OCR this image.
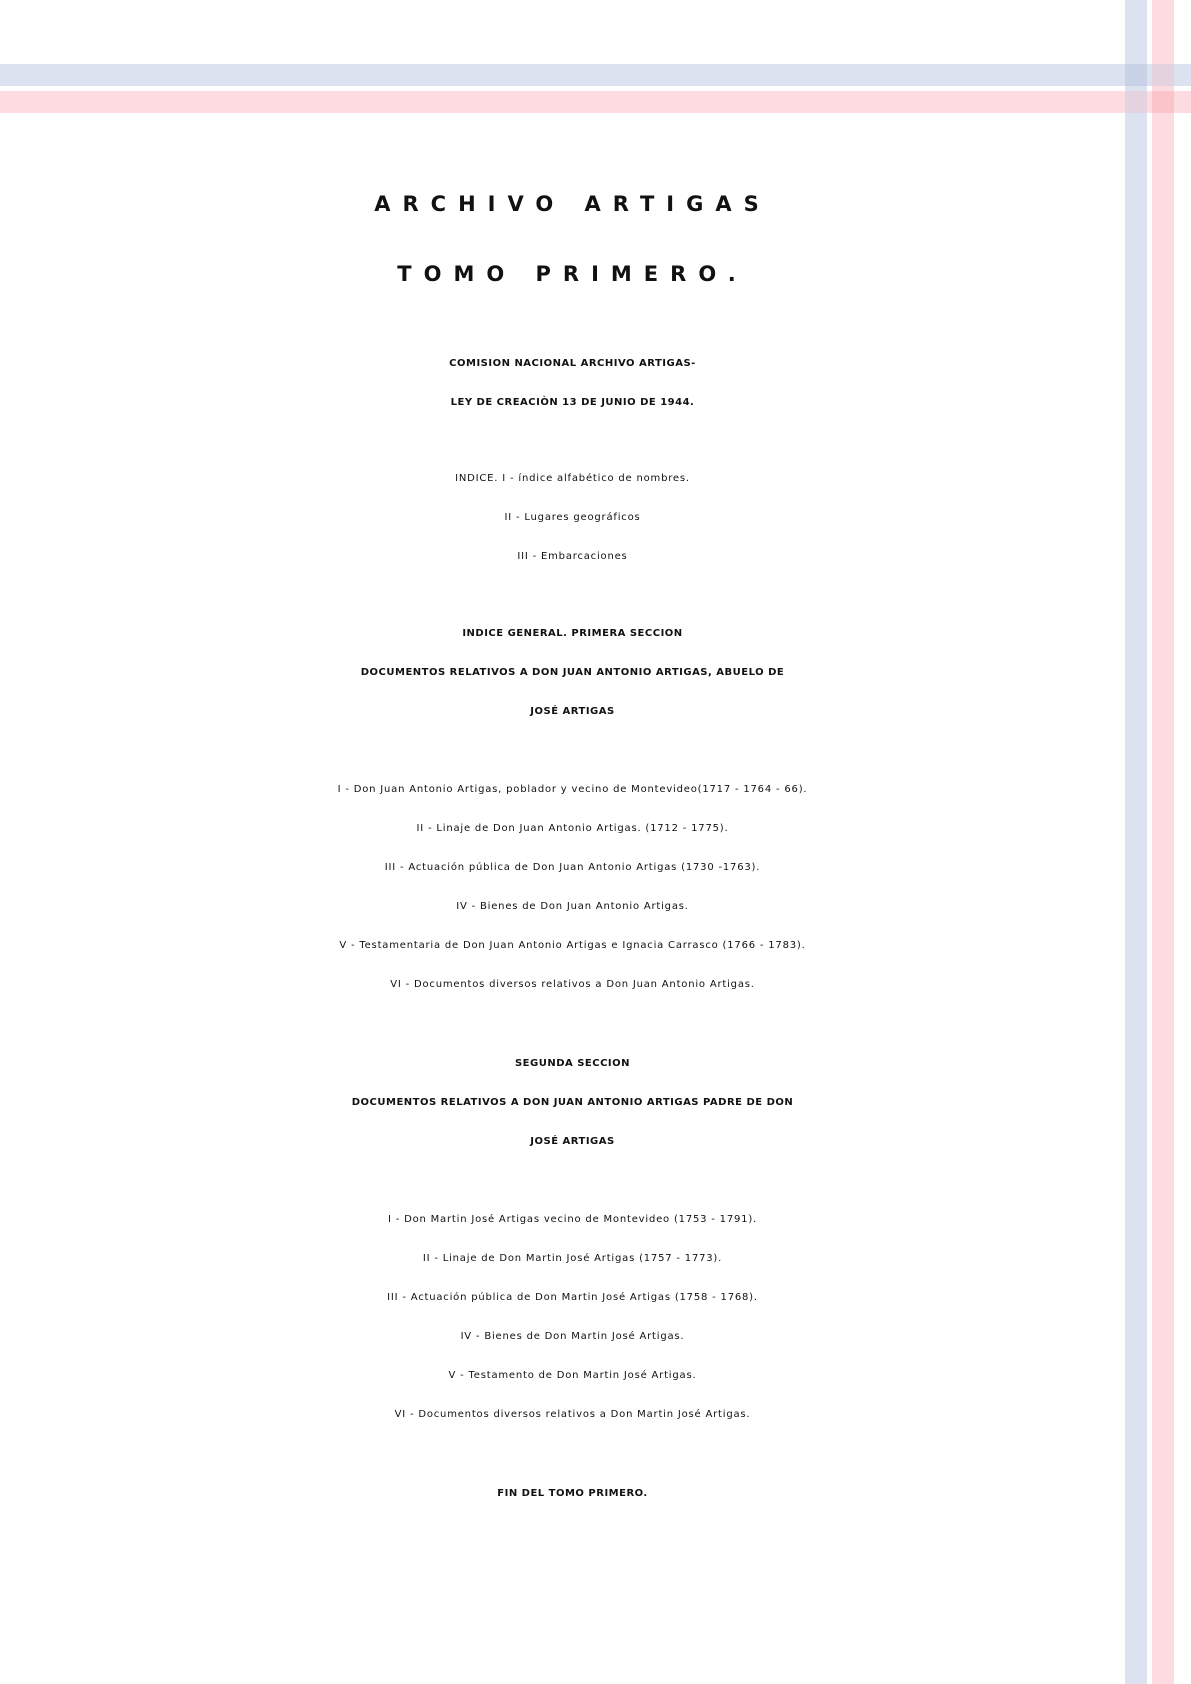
ARCHIVO ARTIGAS
TOMO PRIMERO.
COMISION NACIONAL ARCHIVO ARTIGAS-
LEY DE CREACIÒN 13 DE JUNIO DE 1944.
INDICE. I - índice alfabético de nombres.
II - Lugares geográficos
III - Embarcaciones
INDICE GENERAL. PRIMERA SECCION
DOCUMENTOS RELATIVOS A DON JUAN ANTONIO ARTIGAS, ABUELO DE
JOSÉ ARTIGAS
I - Don Juan Antonio Artigas, poblador y vecino de Montevideo(1717 - 1764 - 66).
II - Linaje de Don Juan Antonio Artigas. (1712 - 1775).
III - Actuación pública de Don Juan Antonio Artigas (1730 -1763).
IV - Bienes de Don Juan Antonio Artigas.
V - Testamentaria de Don Juan Antonio Artigas e Ignacia Carrasco (1766 - 1783).
VI - Documentos diversos relativos a Don Juan Antonio Artigas.
SEGUNDA SECCION
DOCUMENTOS RELATIVOS A DON JUAN ANTONIO ARTIGAS PADRE DE DON
JOSÉ ARTIGAS
I - Don Martin José Artigas vecino de Montevideo (1753 - 1791).
II - Linaje de Don Martin José Artigas (1757 - 1773).
III - Actuación pública de Don Martin José Artigas (1758 - 1768).
IV - Bienes de Don Martin José Artigas.
V - Testamento de Don Martin José Artigas.
VI - Documentos diversos relativos a Don Martin José Artigas.
FIN DEL TOMO PRIMERO.
